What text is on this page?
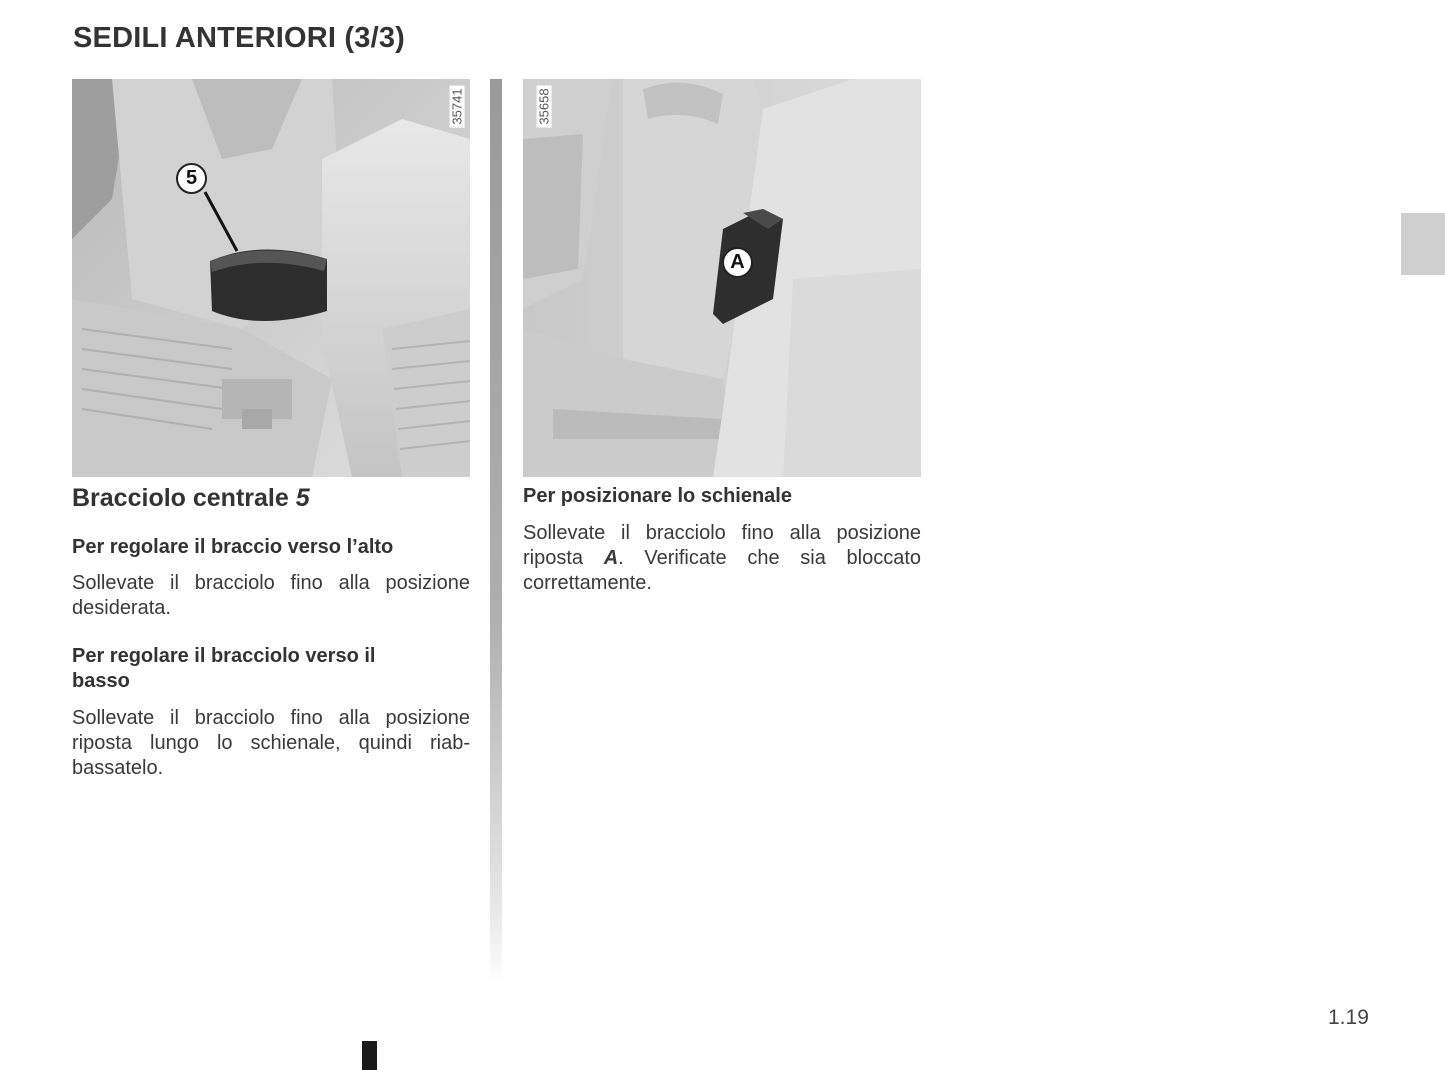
SEDILI ANTERIORI (3/3)
35741
5
35658
A
Bracciolo centrale 5
Per regolare il braccio verso l’alto
Sollevate il bracciolo fino alla posizione desiderata.
Per regolare il bracciolo verso il basso
Sollevate il bracciolo fino alla posizione riposta lungo lo schienale, quindi riab-bassatelo.
Per posizionare lo schienale
Sollevate il bracciolo fino alla posizione riposta A. Verificate che sia bloccato correttamente.
1.19
